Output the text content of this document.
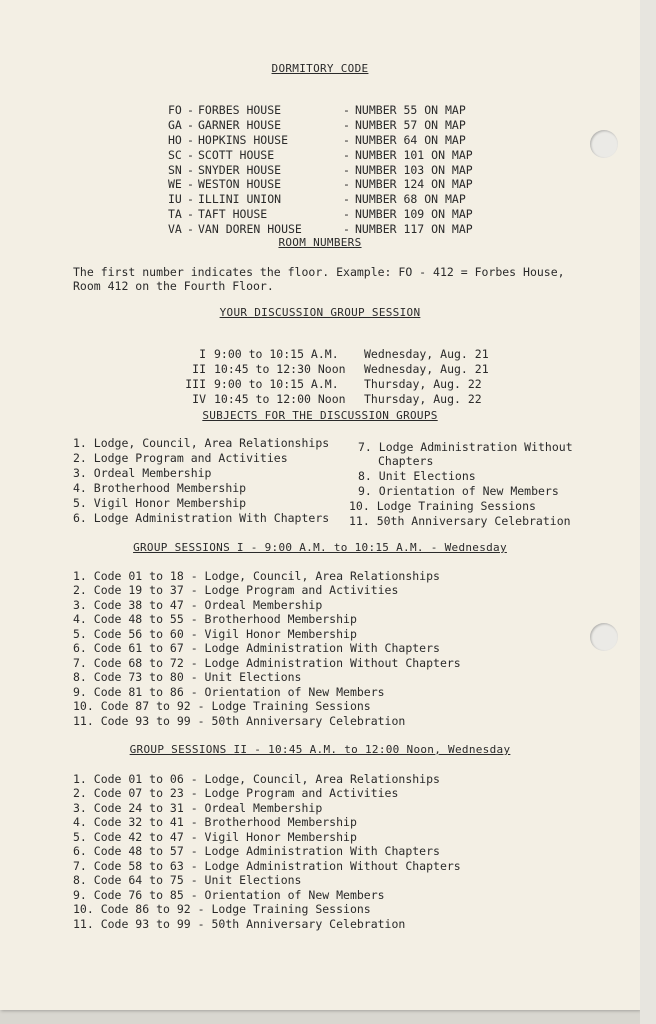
DORMITORY CODE

FO - FORBES HOUSE	- NUMBER 55 ON MAP

GA - GARNER HOUSE	- NUMBER 57 ON MAP

HO - HOPKINS HOUSE	- NUMBER 64 ON MAP

SC - SCOTT HOUSE	- NUMBER 101 ON MAP

SN - SNYDER HOUSE	- NUMBER 103 ON MAP

WE - WESTON HOUSE	- NUMBER 124 ON MAP

IU - ILLINI UNION	- NUMBER 68 ON MAP

TA - TAFT HOUSE	- NUMBER 109 ON MAP

VA - VAN DOREN HOUSE	- NUMBER 117 ON MAP

ROOM NUMBERS
The first number indicates the floor. Example: FO - 412 = Forbes House, Room 412 on the Fourth Floor.
YOUR DISCUSSION GROUP SESSION

I 9:00 to 10:15 A.M. Wednesday, Aug. 21

II 10:45 to 12:30 Noon Wednesday, Aug. 21

III 9:00 to 10:15 A.M. Thursday, Aug. 22

IV 10:45 to 12:00 Noon Thursday, Aug. 22

SUBJECTS FOR THE DISCUSSION GROUPS
1. Lodge, Council, Area Relationships
2. Lodge Program and Activities
3. Ordeal Membership
4. Brotherhood Membership
5. Vigil Honor Membership
6. Lodge Administration With Chapters
7. Lodge Administration Without
Chapters
8. Unit Elections
9. Orientation of New Members
10. Lodge Training Sessions
11. 50th Anniversary Celebration
GROUP SESSIONS I - 9:00 A.M. to 10:15 A.M. - Wednesday
1. Code 01 to 18 - Lodge, Council, Area Relationships
2. Code 19 to 37 - Lodge Program and Activities
3. Code 38 to 47 - Ordeal Membership
4. Code 48 to 55 - Brotherhood Membership
5. Code 56 to 60 - Vigil Honor Membership
6. Code 61 to 67 - Lodge Administration With Chapters
7. Code 68 to 72 - Lodge Administration Without Chapters
8. Code 73 to 80 - Unit Elections
9. Code 81 to 86 - Orientation of New Members
10. Code 87 to 92 - Lodge Training Sessions
11. Code 93 to 99 - 50th Anniversary Celebration
GROUP SESSIONS II - 10:45 A.M. to 12:00 Noon, Wednesday
1. Code 01 to 06 - Lodge, Council, Area Relationships
2. Code 07 to 23 - Lodge Program and Activities
3. Code 24 to 31 - Ordeal Membership
4. Code 32 to 41 - Brotherhood Membership
5. Code 42 to 47 - Vigil Honor Membership
6. Code 48 to 57 - Lodge Administration With Chapters
7. Code 58 to 63 - Lodge Administration Without Chapters
8. Code 64 to 75 - Unit Elections
9. Code 76 to 85 - Orientation of New Members
10. Code 86 to 92 - Lodge Training Sessions
11. Code 93 to 99 - 50th Anniversary Celebration
